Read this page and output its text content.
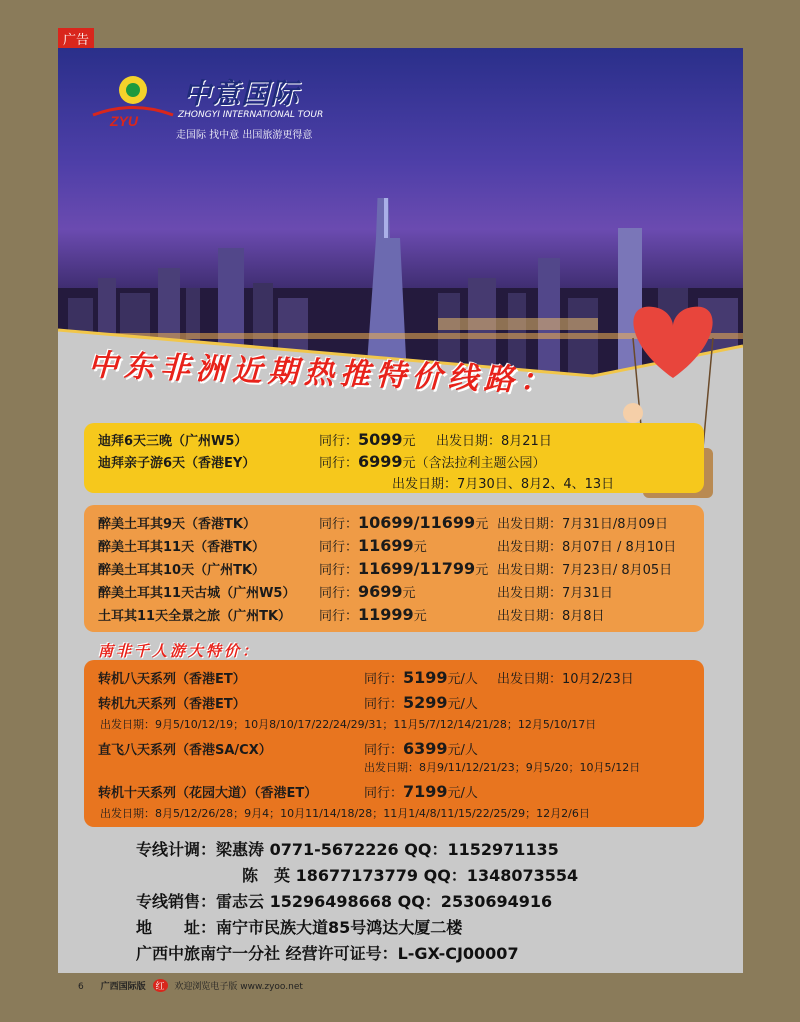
广告
ZYU
中意国际
ZHONGYI INTERNATIONAL TOUR
走国际 找中意 出国旅游更得意
中东非洲近期热推特价线路：
迪拜6天三晚（广州W5）	同行：5099元 出发日期：8月21日
迪拜亲子游6天（香港EY）	同行：6999元（含法拉利主题公园）
出发日期：7月30日、8月2、4、13日
醉美土耳其9天（香港TK）	同行：10699/11699元 出发日期：7月31日/8月09日
醉美土耳其11天（香港TK）	同行：11699元	出发日期：8月07日 / 8月10日
醉美土耳其10天（广州TK）	同行：11699/11799元 出发日期：7月23日/ 8月05日
醉美土耳其11天古城（广州W5） 同行：9699元	出发日期：7月31日
土耳其11天全景之旅（广州TK） 同行：11999元	出发日期：8月8日
南非千人游大特价：
转机八天系列（香港ET）	同行：5199元/人 出发日期：10月2/23日
转机九天系列（香港ET）	同行：5299元/人
出发日期：9月5/10/12/19；10月8/10/17/22/24/29/31；11月5/7/12/14/21/28；12月5/10/17日
直飞八天系列（香港SA/CX）	同行：6399元/人
出发日期：8月9/11/12/21/23；9月5/20；10月5/12日
转机十天系列（花园大道）（香港ET）	同行：7199元/人
出发日期：8月5/12/26/28；9月4；10月11/14/18/28；11月1/4/8/11/15/22/25/29；12月2/6日
专线计调：梁惠涛 0771-5672226 QQ：1152971135
陈　英 18677173779 QQ：1348073554
专线销售：雷志云 15296498668 QQ：2530694916
地　　址：南宁市民族大道85号鸿达大厦二楼
广西中旅南宁一分社 经营许可证号：L-GX-CJ00007
6 广西国际版 红 欢迎浏览电子版 www.zyoo.net
